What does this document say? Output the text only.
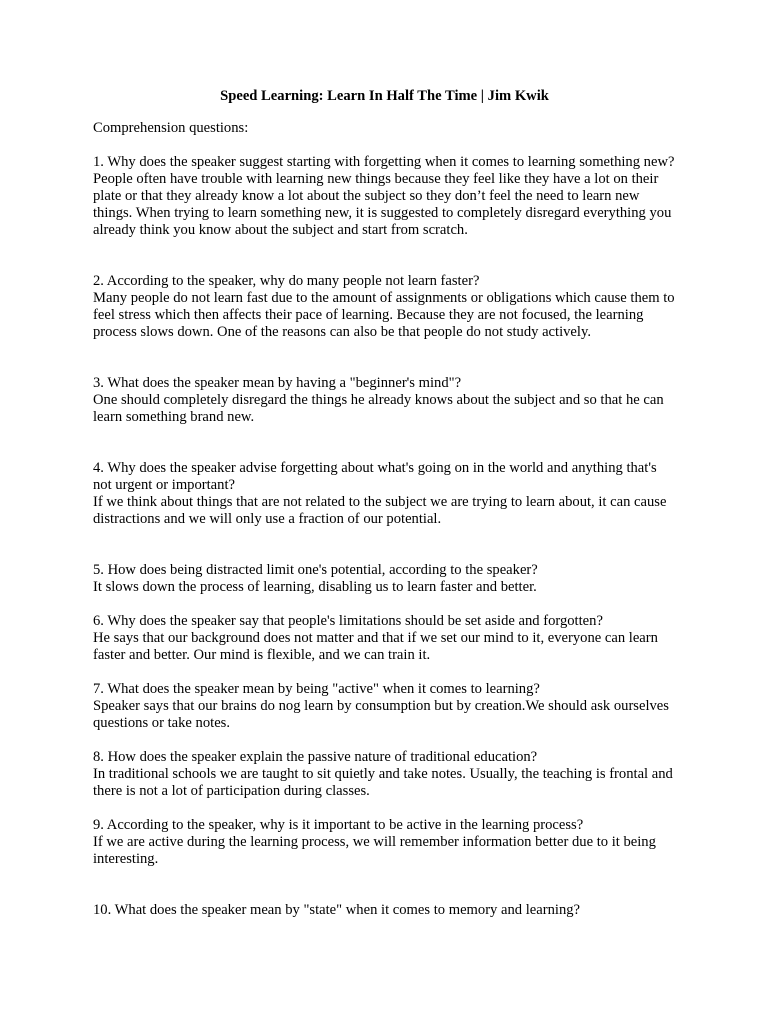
Speed Learning: Learn In Half The Time | Jim Kwik
Comprehension questions:
1. Why does the speaker suggest starting with forgetting when it comes to learning something new? People often have trouble with learning new things because they feel like they have a lot on their plate or that they already know a lot about the subject so they don’t feel the need to learn new things. When trying to learn something new, it is suggested to completely disregard everything you already think you know about the subject and start from scratch.

2. According to the speaker, why do many people not learn faster?

Many people do not learn fast due to the amount of assignments or obligations which cause them to feel stress which then affects their pace of learning. Because they are not focused, the learning process slows down. One of the reasons can also be that people do not study actively.

3. What does the speaker mean by having a "beginner's mind"?

One should completely disregard the things he already knows about the subject and so that he can learn something brand new.

4. Why does the speaker advise forgetting about what's going on in the world and anything that's not urgent or important?

If we think about things that are not related to the subject we are trying to learn about, it can cause distractions and we will only use a fraction of our potential.

5. How does being distracted limit one's potential, according to the speaker?

It slows down the process of learning, disabling us to learn faster and better.

6. Why does the speaker say that people's limitations should be set aside and forgotten?

He says that our background does not matter and that if we set our mind to it, everyone can learn faster and better. Our mind is flexible, and we can train it.

7. What does the speaker mean by being "active" when it comes to learning?

Speaker says that our brains do nog learn by consumption but by creation.We should ask ourselves questions or take notes.

8. How does the speaker explain the passive nature of traditional education?

In traditional schools we are taught to sit quietly and take notes. Usually, the teaching is frontal and there is not a lot of participation during classes.

9. According to the speaker, why is it important to be active in the learning process?

If we are active during the learning process, we will remember information better due to it being interesting.

10. What does the speaker mean by "state" when it comes to memory and learning?
